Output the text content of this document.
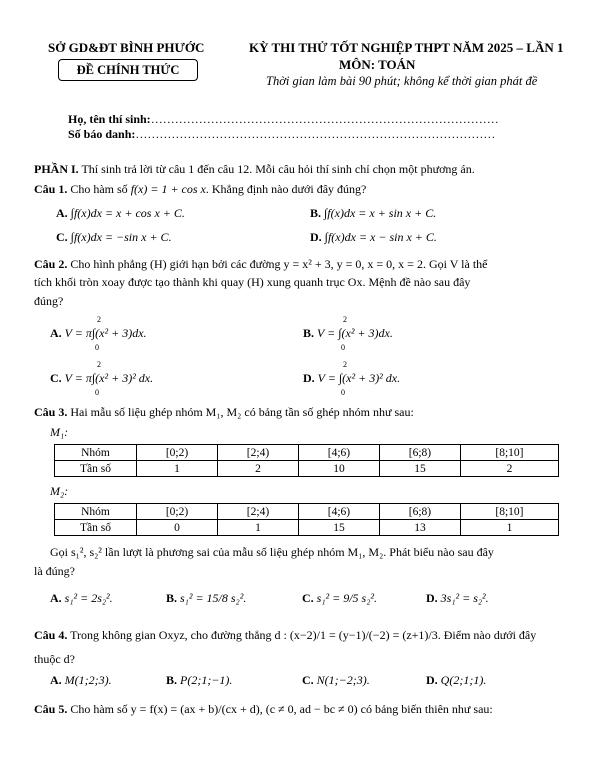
SỞ GD&ĐT BÌNH PHƯỚC
ĐỀ CHÍNH THỨC
KỲ THI THỬ TỐT NGHIỆP THPT NĂM 2025 – LẦN 1
MÔN: TOÁN
Thời gian làm bài 90 phút; không kể thời gian phát đề
Họ, tên thí sinh:……………………………………………………………………………
Số báo danh:………………………………………………………………………………
PHẦN I. Thí sinh trả lời từ câu 1 đến câu 12. Mỗi câu hỏi thí sinh chỉ chọn một phương án.
Câu 1. Cho hàm số f(x) = 1 + cos x. Khẳng định nào dưới đây đúng?
A. ∫f(x)dx = x + cos x + C.	B. ∫f(x)dx = x + sin x + C.
C. ∫f(x)dx = −sin x + C.	D. ∫f(x)dx = x − sin x + C.
Câu 2. Cho hình phẳng (H) giới hạn bởi các đường y = x² + 3, y = 0, x = 0, x = 2. Gọi V là thể
tích khối tròn xoay được tạo thành khi quay (H) xung quanh trục Ox. Mệnh đề nào sau đây
đúng?
A. V = π∫(x² + 3)dx.	B. V = ∫(x² + 3)dx.
C. V = π∫(x² + 3)² dx.	D. V = ∫(x² + 3)² dx.
2
0
2
0
2
0
2
0
Câu 3. Hai mẫu số liệu ghép nhóm M₁, M₂ có bảng tần số ghép nhóm như sau:
M₁:
Nhóm	[0;2)	[2;4)	[4;6)	[6;8)	[8;10]
Tần số	1	2	10	15	2
M₂:
Nhóm	[0;2)	[2;4)	[4;6)	[6;8)	[8;10]
Tần số	0	1	15	13	1
Gọi s₁², s₂² lần lượt là phương sai của mẫu số liệu ghép nhóm M₁, M₂. Phát biểu nào sau đây
là đúng?
A. s₁² = 2s₂².	B. s₁² = 15/8 s₂².	C. s₁² = 9/5 s₂².	D. 3s₁² = s₂².
Câu 4. Trong không gian Oxyz, cho đường thẳng d : (x−2)/1 = (y−1)/(−2) = (z+1)/3. Điểm nào dưới đây
thuộc d?
A. M(1;2;3).	B. P(2;1;−1).	C. N(1;−2;3).	D. Q(2;1;1).
Câu 5. Cho hàm số y = f(x) = (ax + b)/(cx + d), (c ≠ 0, ad − bc ≠ 0) có bảng biến thiên như sau:
